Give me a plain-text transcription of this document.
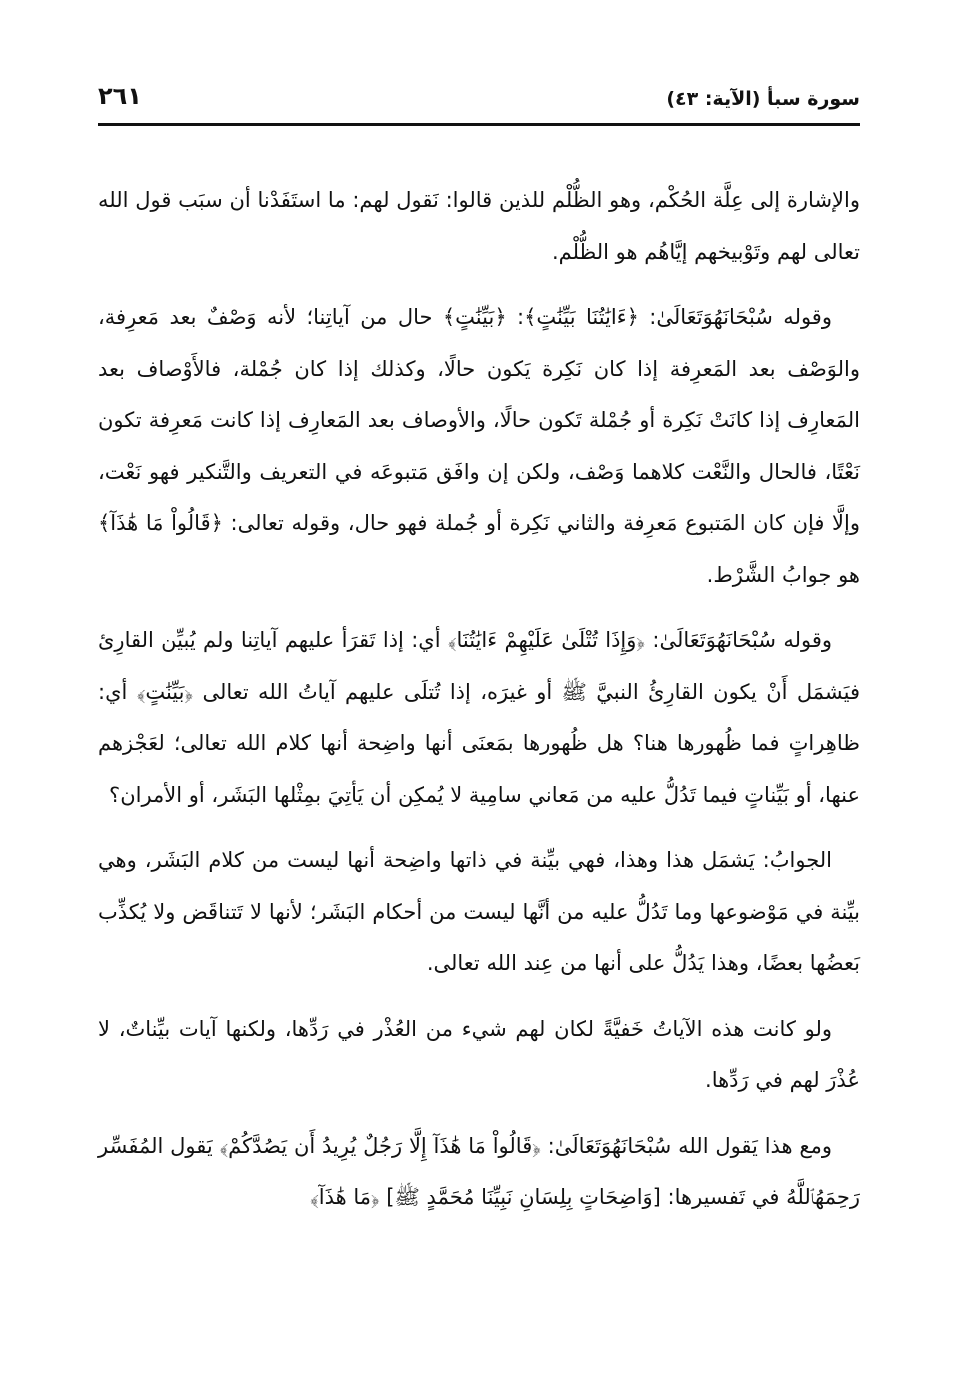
سورة سبأ (الآية: ٤٣)
٢٦١

والإشارة إلى عِلَّة الحُكْم، وهو الظُّلْم للذين قالوا: نَقول لهم: ما استَفَدْنا أن سبَب قول الله تعالى لهم وتَوْبيخهم إيَّاهُم هو الظُّلْم.

وقوله سُبْحَانَهُوَتَعَالَىٰ: ﴿ءَايَٰتُنَا بَيِّنَٰتٍ﴾: ﴿بَيِّنَٰتٍ﴾ حال من آياتِنا؛ لأنه وَصْفٌ بعد مَعرِفة، والوَصْف بعد المَعرِفة إذا كان نَكِرة يَكون حالًا، وكذلك إذا كان جُمْلة، فالأَوْصاف بعد المَعارِف إذا كانَتْ نَكِرة أو جُمْلة تَكون حالًا، والأوصاف بعد المَعارِف إذا كانت مَعرِفة تكون نَعْتًا، فالحال والنَّعْت كلاهما وَصْف، ولكن إن وافَق مَتبوعَه في التعريف والتَّنكير فهو نَعْت، وإلَّا فإن كان المَتبوع مَعرِفة والثاني نَكِرة أو جُملة فهو حال، وقوله تعالى: ﴿قَالُواْ مَا هَٰذَآ﴾ هو جوابُ الشَّرْط.

وقوله سُبْحَانَهُوَتَعَالَىٰ: ﴿وَإِذَا تُتْلَىٰ عَلَيْهِمْ ءَايَٰتُنَا﴾ أي: إذا تَقرَأ عليهم آياتِنا ولم يُبيِّن القارِئ فيَشمَل أَنْ يكون القارِئُ النبيَّ ﷺ أو غيرَه، إذا تُتلَى عليهم آياتُ الله تعالى ﴿بَيِّنَٰتٍ﴾ أي: ظاهِراتٍ فما ظُهورها هنا؟ هل ظُهورها بمَعنَى أنها واضِحة أنها كلام الله تعالى؛ لعَجْزهم عنها، أو بَيِّناتٍ فيما تَدُلُّ عليه من مَعاني سامِية لا يُمكِن أن يَأتِيَ بمِثْلها البَشَر، أو الأمران؟

الجوابُ: يَشمَل هذا وهذا، فهي بيِّنة في ذاتها واضِحة أنها ليست من كلام البَشَر، وهي بيِّنة في مَوْضوعها وما تَدُلُّ عليه من أنَّها ليست من أحكام البَشَر؛ لأنها لا تَتناقَض ولا يُكذِّب بَعضُها بعضًا، وهذا يَدُلُّ على أنها من عِند الله تعالى.

ولو كانت هذه الآياتُ خَفيَّةً لكان لهم شيء من العُذْر في رَدِّها، ولكنها آيات بيِّناتٌ، لا عُذْرَ لهم في رَدِّها.

ومع هذا يَقول الله سُبْحَانَهُوَتَعَالَىٰ: ﴿قَالُواْ مَا هَٰذَآ إِلَّا رَجُلٌ يُرِيدُ أَن يَصُدَّكُمْ﴾ يَقول المُفَسِّر رَحِمَهُٱللَّهُ في تَفسيرها: [وَاضِحَاتٍ بِلِسَانِ نَبِيِّنَا مُحَمَّدٍ ﷺ] ﴿مَا هَٰذَآ﴾
